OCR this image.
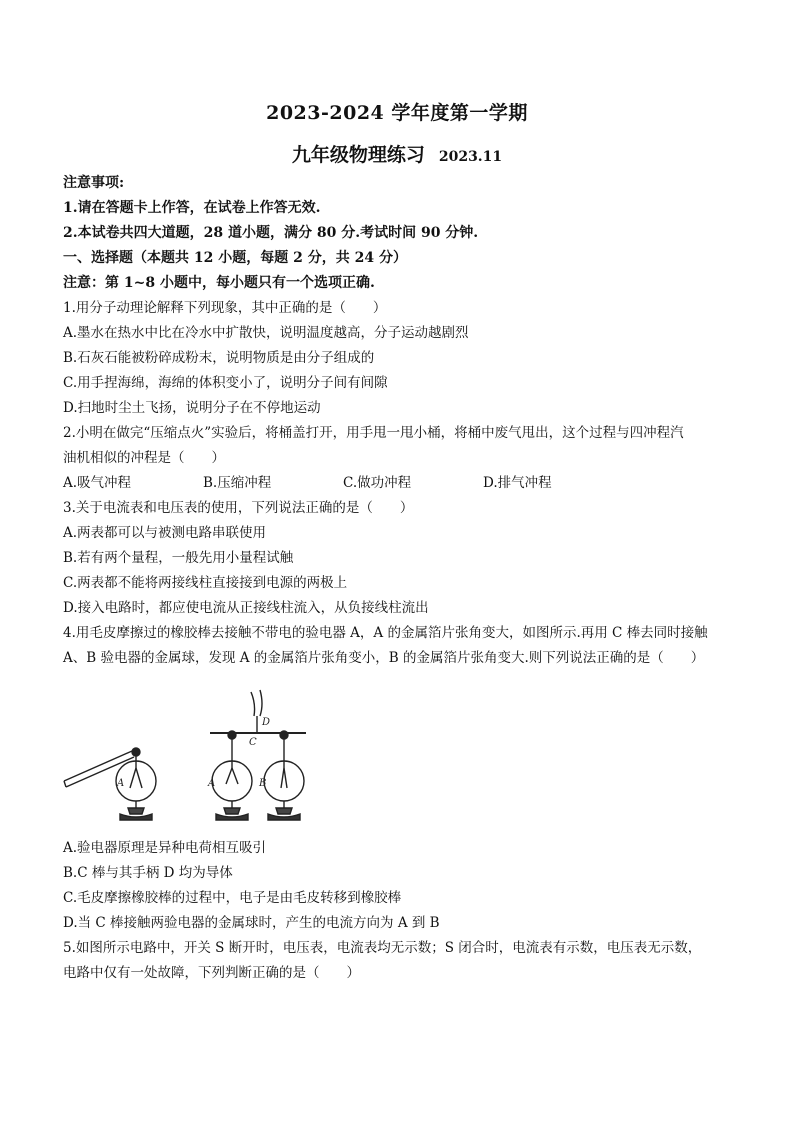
2023-2024 学年度第一学期
九年级物理练习 2023.11
注意事项:
1.请在答题卡上作答，在试卷上作答无效.
2.本试卷共四大道题，28 道小题，满分 80 分.考试时间 90 分钟.
一、选择题（本题共 12 小题，每题 2 分，共 24 分）
注意：第 1~8 小题中，每小题只有一个选项正确.
1.用分子动理论解释下列现象，其中正确的是（　　）
A.墨水在热水中比在冷水中扩散快，说明温度越高，分子运动越剧烈
B.石灰石能被粉碎成粉末，说明物质是由分子组成的
C.用手捏海绵，海绵的体积变小了，说明分子间有间隙
D.扫地时尘土飞扬，说明分子在不停地运动
2.小明在做完“压缩点火”实验后，将桶盖打开，用手甩一甩小桶，将桶中废气甩出，这个过程与四冲程汽
油机相似的冲程是（　　）
A.吸气冲程	B.压缩冲程	C.做功冲程	D.排气冲程
3.关于电流表和电压表的使用，下列说法正确的是（　　）
A.两表都可以与被测电路串联使用
B.若有两个量程，一般先用小量程试触
C.两表都不能将两接线柱直接接到电源的两极上
D.接入电路时，都应使电流从正接线柱流入，从负接线柱流出
4.用毛皮摩擦过的橡胶棒去接触不带电的验电器 A，A 的金属箔片张角变大，如图所示.再用 C 棒去同时接触
A、B 验电器的金属球，发现 A 的金属箔片张角变小，B 的金属箔片张角变大.则下列说法正确的是（　　）
A	A	B
C
D
A.验电器原理是异种电荷相互吸引
B.C 棒与其手柄 D 均为导体
C.毛皮摩擦橡胶棒的过程中，电子是由毛皮转移到橡胶棒
D.当 C 棒接触两验电器的金属球时，产生的电流方向为 A 到 B
5.如图所示电路中，开关 S 断开时，电压表，电流表均无示数；S 闭合时，电流表有示数，电压表无示数，
电路中仅有一处故障，下列判断正确的是（　　）
